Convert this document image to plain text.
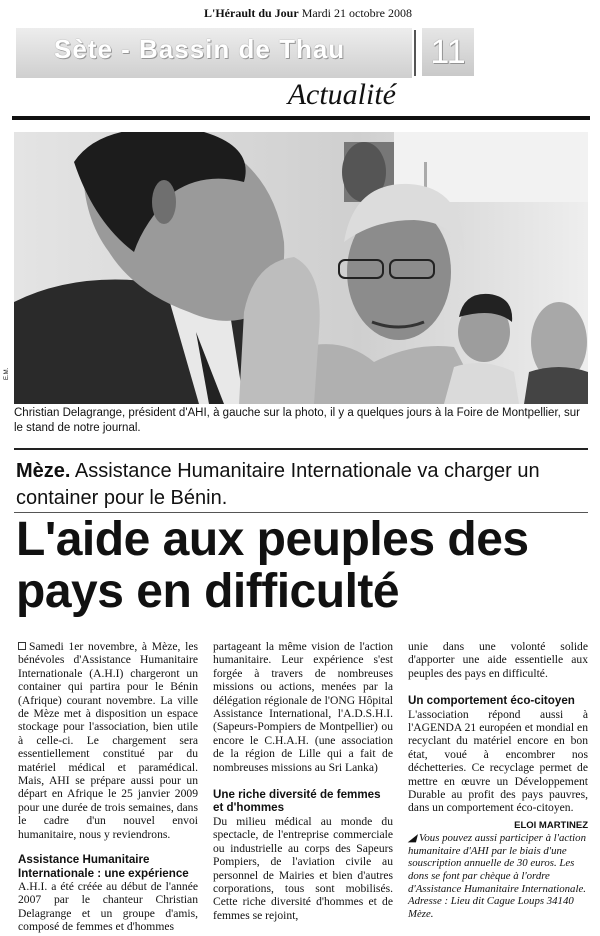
L'Hérault du Jour Mardi 21 octobre 2008
Sète - Bassin de Thau	11
Actualité
E.M.
Christian Delagrange, président d'AHI, à gauche sur la photo, il y a quelques jours à la Foire de Montpellier, sur le stand de notre journal.
Mèze. Assistance Humanitaire Internationale va charger un container pour le Bénin.
L'aide aux peuples des pays en difficulté

Samedi 1er novembre, à Mèze, les bénévoles d'Assistance Humanitaire Internationale (A.H.I) chargeront un container qui partira pour le Bénin (Afrique) courant novembre. La ville de Mèze met à disposition un espace stockage pour l'association, bien utile à celle-ci. Le chargement sera essentiellement constitué par du matériel médical et paramédical. Mais, AHI se prépare aussi pour un départ en Afrique le 25 janvier 2009 pour une durée de trois semaines, dans le cadre d'un nouvel envoi humanitaire, nous y reviendrons.

Assistance Humanitaire Internationale : une expérience

A.H.I. a été créée au début de l'année 2007 par le chanteur Christian Delagrange et un groupe d'amis, composé de femmes et d'hommes

partageant la même vision de l'action humanitaire. Leur expérience s'est forgée à travers de nombreuses missions ou actions, menées par la délégation régionale de l'ONG Hôpital Assistance International, l'A.D.S.H.I. (Sapeurs-Pompiers de Montpellier) ou encore le C.H.A.H. (une association de la région de Lille qui a fait de nombreuses missions au Sri Lanka)

Une riche diversité de femmes et d'hommes

Du milieu médical au monde du spectacle, de l'entreprise commerciale ou industrielle au corps des Sapeurs Pompiers, de l'aviation civile au personnel de Mairies et bien d'autres corporations, tous sont mobilisés. Cette riche diversité d'hommes et de femmes se rejoint,

unie dans une volonté solide d'apporter une aide essentielle aux peuples des pays en difficulté.

Un comportement éco-citoyen

L'association répond aussi à l'AGENDA 21 européen et mondial en recyclant du matériel encore en bon état, voué à encombrer nos déchetteries. Ce recyclage permet de mettre en œuvre un Développement Durable au profit des pays pauvres, dans un comportement éco-citoyen.

ELOI MARTINEZ

◢ Vous pouvez aussi participer à l'action humanitaire d'AHI par le biais d'une souscription annuelle de 30 euros. Les dons se font par chèque à l'ordre d'Assistance Humanitaire Internationale. Adresse : Lieu dit Cague Loups 34140 Mèze.
